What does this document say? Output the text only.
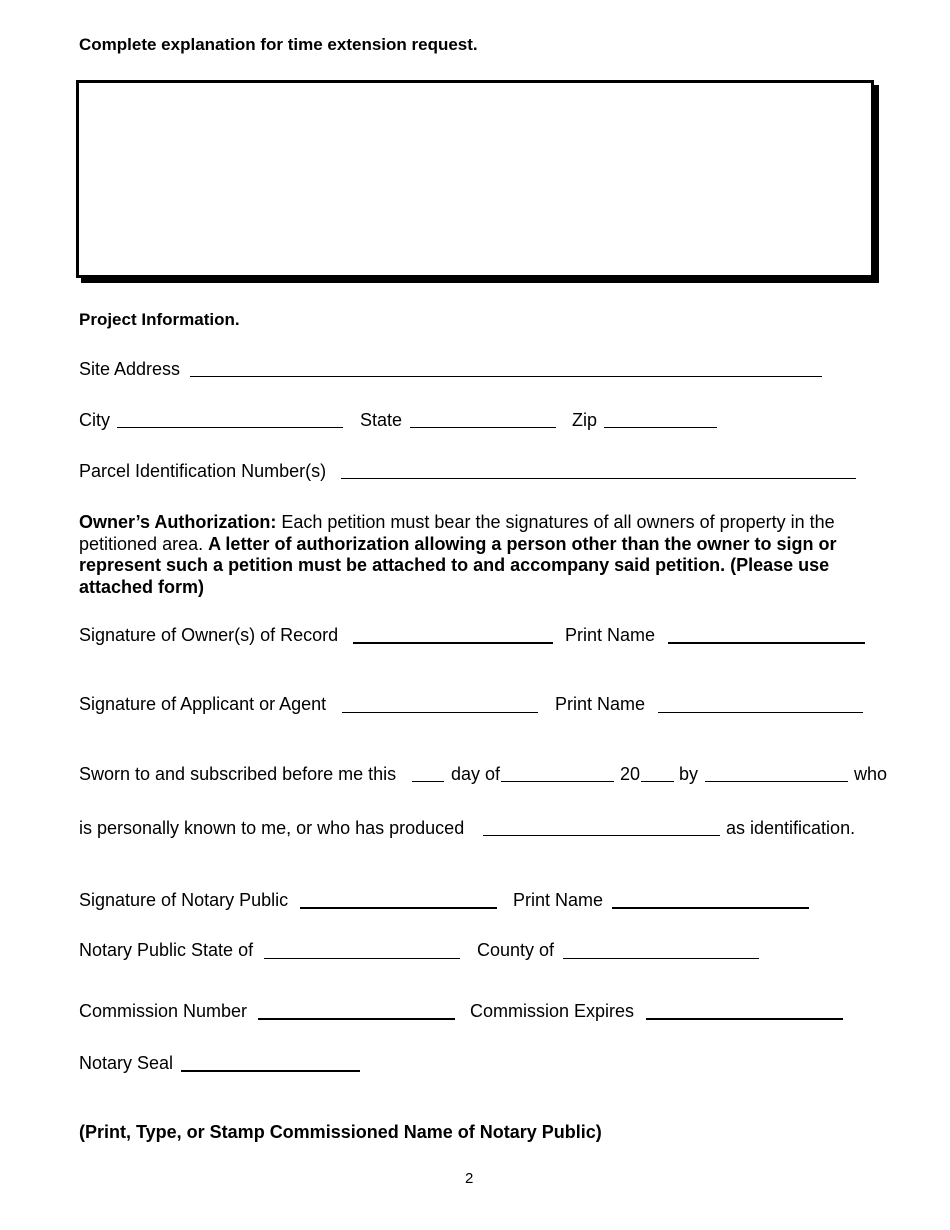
Complete explanation for time extension request.
Project Information.
Site Address
City	State	Zip
Parcel Identification Number(s)
Owner’s Authorization: Each petition must bear the signatures of all owners of property in the petitioned area. A letter of authorization allowing a person other than the owner to sign or represent such a petition must be attached to and accompany said petition. (Please use attached form)
Signature of Owner(s) of Record	Print Name
Signature of Applicant or Agent	Print Name
Sworn to and subscribed before me this	day of	20 by	who
is personally known to me, or who has produced	as identification.
Signature of Notary Public	Print Name
Notary Public State of	County of
Commission Number	Commission Expires
Notary Seal
(Print, Type, or Stamp Commissioned Name of Notary Public)
2
